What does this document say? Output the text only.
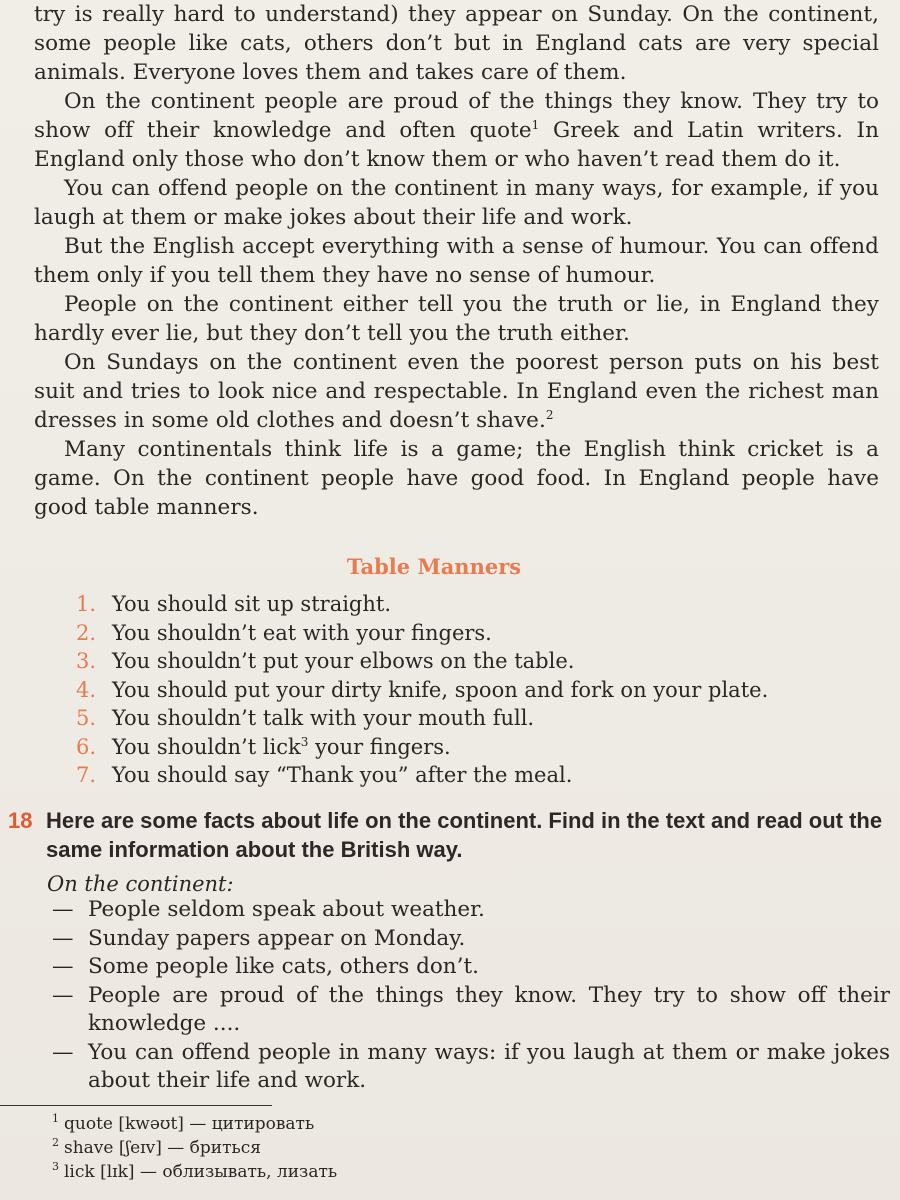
try is really hard to understand) they appear on Sunday. On the continent, some people like cats, others don’t but in England cats are very special animals. Everyone loves them and takes care of them.

On the continent people are proud of the things they know. They try to show off their knowledge and often quote$^1$ Greek and Latin writers. In England only those who don’t know them or who haven’t read them do it.

You can offend people on the continent in many ways, for example, if you laugh at them or make jokes about their life and work.

But the English accept everything with a sense of humour. You can offend them only if you tell them they have no sense of humour.

People on the continent either tell you the truth or lie, in England they hardly ever lie, but they don’t tell you the truth either.

On Sundays on the continent even the poorest person puts on his best suit and tries to look nice and respectable. In England even the richest man dresses in some old clothes and doesn’t shave.$^2$

Many continentals think life is a game; the English think cricket is a game. On the continent people have good food. In England people have good table manners.

Table Manners
1. You should sit up straight.
2. You shouldn’t eat with your fingers.
3. You shouldn’t put your elbows on the table.
4. You should put your dirty knife, spoon and fork on your plate.
5. You shouldn’t talk with your mouth full.
6. You shouldn’t lick$^3$ your fingers.
7. You should say “Thank you” after the meal.
18 Here are some facts about life on the continent. Find in the text and read out the same information about the British way.
On the continent:
— People seldom speak about weather.
— Sunday papers appear on Monday.
— Some people like cats, others don’t.
— People are proud of the things they know. They try to show off their knowledge ....
— You can offend people in many ways: if you laugh at them or make jokes about their life and work.
$^1$ quote [kwəʊt] — цитировать
$^2$ shave [ʃeɪv] — бриться
$^3$ lick [lɪk] — облизывать, лизать
